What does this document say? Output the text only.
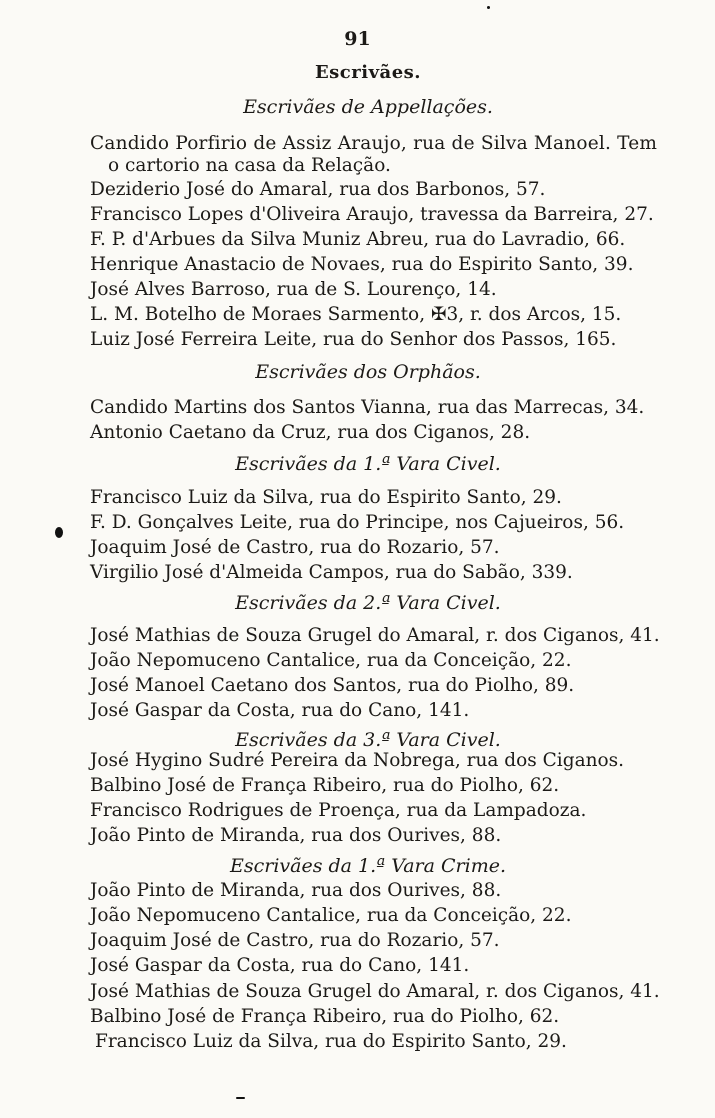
91
Escrivães.
Escrivães de Appellações.
Candido Porfirio de Assiz Araujo, rua de Silva Manoel. Tem
o cartorio na casa da Relação.
Deziderio José do Amaral, rua dos Barbonos, 57.
Francisco Lopes d'Oliveira Araujo, travessa da Barreira, 27.
F. P. d'Arbues da Silva Muniz Abreu, rua do Lavradio, 66.
Henrique Anastacio de Novaes, rua do Espirito Santo, 39.
José Alves Barroso, rua de S. Lourenço, 14.
L. M. Botelho de Moraes Sarmento, ✠3, r. dos Arcos, 15.
Luiz José Ferreira Leite, rua do Senhor dos Passos, 165.
Escrivães dos Orphãos.
Candido Martins dos Santos Vianna, rua das Marrecas, 34.
Antonio Caetano da Cruz, rua dos Ciganos, 28.
Escrivães da 1.ª Vara Civel.
Francisco Luiz da Silva, rua do Espirito Santo, 29.
F. D. Gonçalves Leite, rua do Principe, nos Cajueiros, 56.
Joaquim José de Castro, rua do Rozario, 57.
Virgilio José d'Almeida Campos, rua do Sabão, 339.
Escrivães da 2.ª Vara Civel.
José Mathias de Souza Grugel do Amaral, r. dos Ciganos, 41.
João Nepomuceno Cantalice, rua da Conceição, 22.
José Manoel Caetano dos Santos, rua do Piolho, 89.
José Gaspar da Costa, rua do Cano, 141.
Escrivães da 3.ª Vara Civel.
José Hygino Sudré Pereira da Nobrega, rua dos Ciganos.
Balbino José de França Ribeiro, rua do Piolho, 62.
Francisco Rodrigues de Proença, rua da Lampadoza.
João Pinto de Miranda, rua dos Ourives, 88.
Escrivães da 1.ª Vara Crime.
João Pinto de Miranda, rua dos Ourives, 88.
João Nepomuceno Cantalice, rua da Conceição, 22.
Joaquim José de Castro, rua do Rozario, 57.
José Gaspar da Costa, rua do Cano, 141.
José Mathias de Souza Grugel do Amaral, r. dos Ciganos, 41.
Balbino José de França Ribeiro, rua do Piolho, 62.
Francisco Luiz da Silva, rua do Espirito Santo, 29.
